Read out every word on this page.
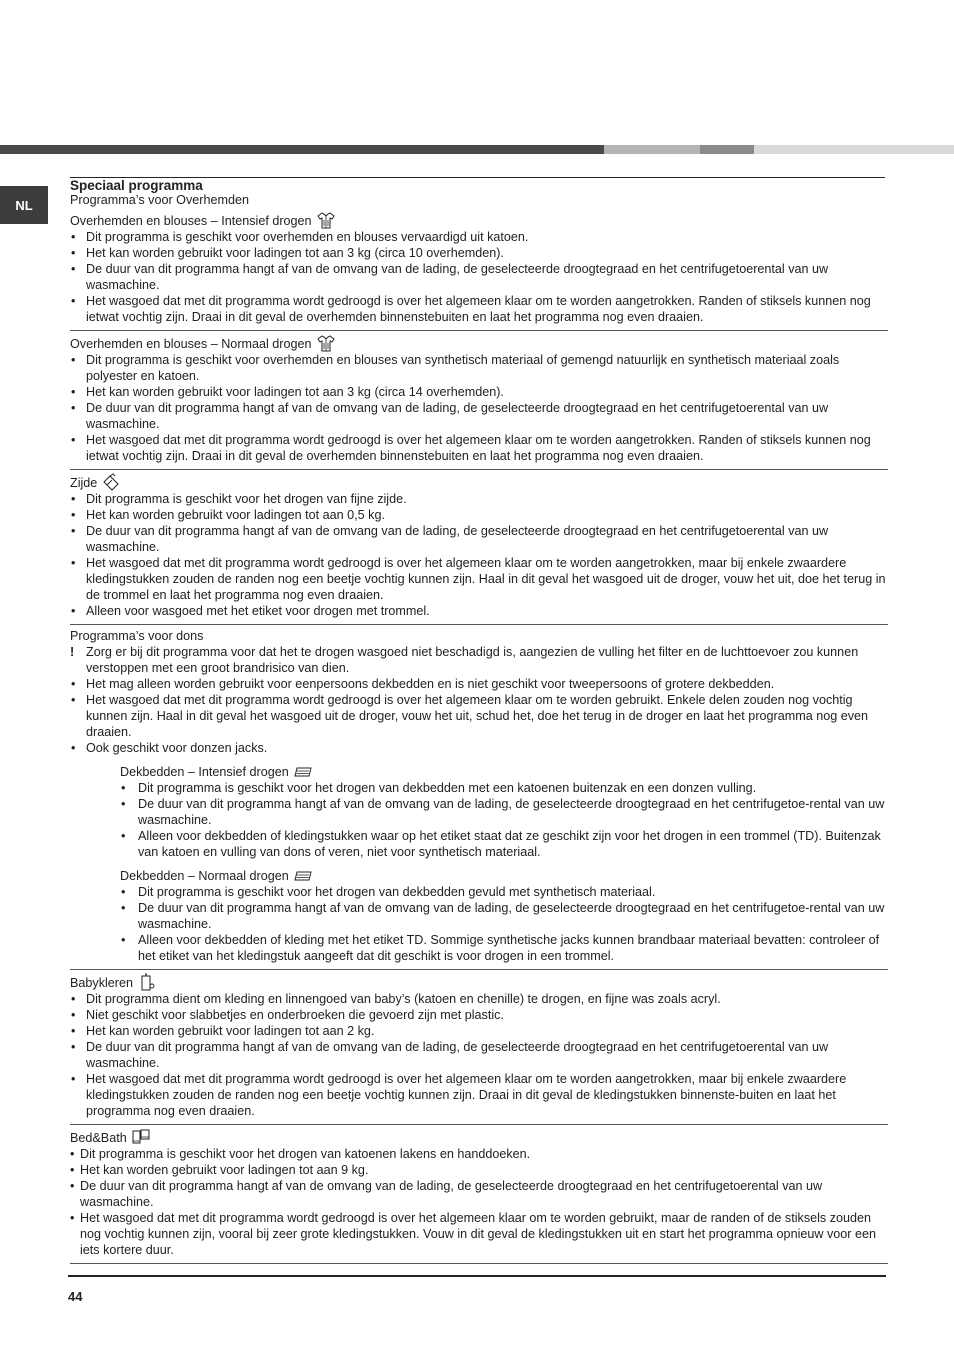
NL
Speciaal programma
Programma’s voor Overhemden
Overhemden en blouses – Intensief drogen
• Dit programma is geschikt voor overhemden en blouses vervaardigd uit katoen.
• Het kan worden gebruikt voor ladingen tot aan 3 kg (circa 10 overhemden).
• De duur van dit programma hangt af van de omvang van de lading, de geselecteerde droogtegraad en het centrifugetoerental van uw wasmachine.
• Het wasgoed dat met dit programma wordt gedroogd is over het algemeen klaar om te worden aangetrokken. Randen of stiksels kunnen nog ietwat vochtig zijn. Draai in dit geval de overhemden binnenstebuiten en laat het programma nog even draaien.
Overhemden en blouses – Normaal drogen
• Dit programma is geschikt voor overhemden en blouses van synthetisch materiaal of gemengd natuurlijk en synthetisch materiaal zoals polyester en katoen.
• Het kan worden gebruikt voor ladingen tot aan 3 kg (circa 14 overhemden).
• De duur van dit programma hangt af van de omvang van de lading, de geselecteerde droogtegraad en het centrifugetoerental van uw wasmachine.
• Het wasgoed dat met dit programma wordt gedroogd is over het algemeen klaar om te worden aangetrokken. Randen of stiksels kunnen nog ietwat vochtig zijn. Draai in dit geval de overhemden binnenstebuiten en laat het programma nog even draaien.
Zijde
• Dit programma is geschikt voor het drogen van fijne zijde.
• Het kan worden gebruikt voor ladingen tot aan 0,5 kg.
• De duur van dit programma hangt af van de omvang van de lading, de geselecteerde droogtegraad en het centrifugetoerental van uw wasmachine.
• Het wasgoed dat met dit programma wordt gedroogd is over het algemeen klaar om te worden aangetrokken, maar bij enkele zwaardere kledingstukken zouden de randen nog een beetje vochtig kunnen zijn. Haal in dit geval het wasgoed uit de droger, vouw het uit, doe het terug in de trommel en laat het programma nog even draaien.
• Alleen voor wasgoed met het etiket voor drogen met trommel.
Programma’s voor dons
! Zorg er bij dit programma voor dat het te drogen wasgoed niet beschadigd is, aangezien de vulling het filter en de luchttoevoer zou kunnen verstoppen met een groot brandrisico van dien.
• Het mag alleen worden gebruikt voor eenpersoons dekbedden en is niet geschikt voor tweepersoons of grotere dekbedden.
• Het wasgoed dat met dit programma wordt gedroogd is over het algemeen klaar om te worden gebruikt. Enkele delen zouden nog vochtig kunnen zijn. Haal in dit geval het wasgoed uit de droger, vouw het uit, schud het, doe het terug in de droger en laat het programma nog even draaien.
• Ook geschikt voor donzen jacks.
Dekbedden – Intensief drogen
• Dit programma is geschikt voor het drogen van dekbedden met een katoenen buitenzak en een donzen vulling.
• De duur van dit programma hangt af van de omvang van de lading, de geselecteerde droogtegraad en het centrifugetoe-rental van uw wasmachine.
• Alleen voor dekbedden of kledingstukken waar op het etiket staat dat ze geschikt zijn voor het drogen in een trommel (TD). Buitenzak van katoen en vulling van dons of veren, niet voor synthetisch materiaal.
Dekbedden – Normaal drogen
• Dit programma is geschikt voor het drogen van dekbedden gevuld met synthetisch materiaal.
• De duur van dit programma hangt af van de omvang van de lading, de geselecteerde droogtegraad en het centrifugetoe-rental van uw wasmachine.
• Alleen voor dekbedden of kleding met het etiket TD. Sommige synthetische jacks kunnen brandbaar materiaal bevatten: controleer of het etiket van het kledingstuk aangeeft dat dit geschikt is voor drogen in een trommel.
Babykleren
• Dit programma dient om kleding en linnengoed van baby’s (katoen en chenille) te drogen, en fijne was zoals acryl.
• Niet geschikt voor slabbetjes en onderbroeken die gevoerd zijn met plastic.
• Het kan worden gebruikt voor ladingen tot aan 2 kg.
• De duur van dit programma hangt af van de omvang van de lading, de geselecteerde droogtegraad en het centrifugetoerental van uw wasmachine.
• Het wasgoed dat met dit programma wordt gedroogd is over het algemeen klaar om te worden aangetrokken, maar bij enkele zwaardere kledingstukken zouden de randen nog een beetje vochtig kunnen zijn. Draai in dit geval de kledingstukken binnenste-buiten en laat het programma nog even draaien.
Bed&Bath
• Dit programma is geschikt voor het drogen van katoenen lakens en handdoeken.
• Het kan worden gebruikt voor ladingen tot aan 9 kg.
• De duur van dit programma hangt af van de omvang van de lading, de geselecteerde droogtegraad en het centrifugetoerental van uw wasmachine.
• Het wasgoed dat met dit programma wordt gedroogd is over het algemeen klaar om te worden gebruikt, maar de randen of de stiksels zouden nog vochtig kunnen zijn, vooral bij zeer grote kledingstukken. Vouw in dit geval de kledingstukken uit en start het programma opnieuw voor een iets kortere duur.
44
